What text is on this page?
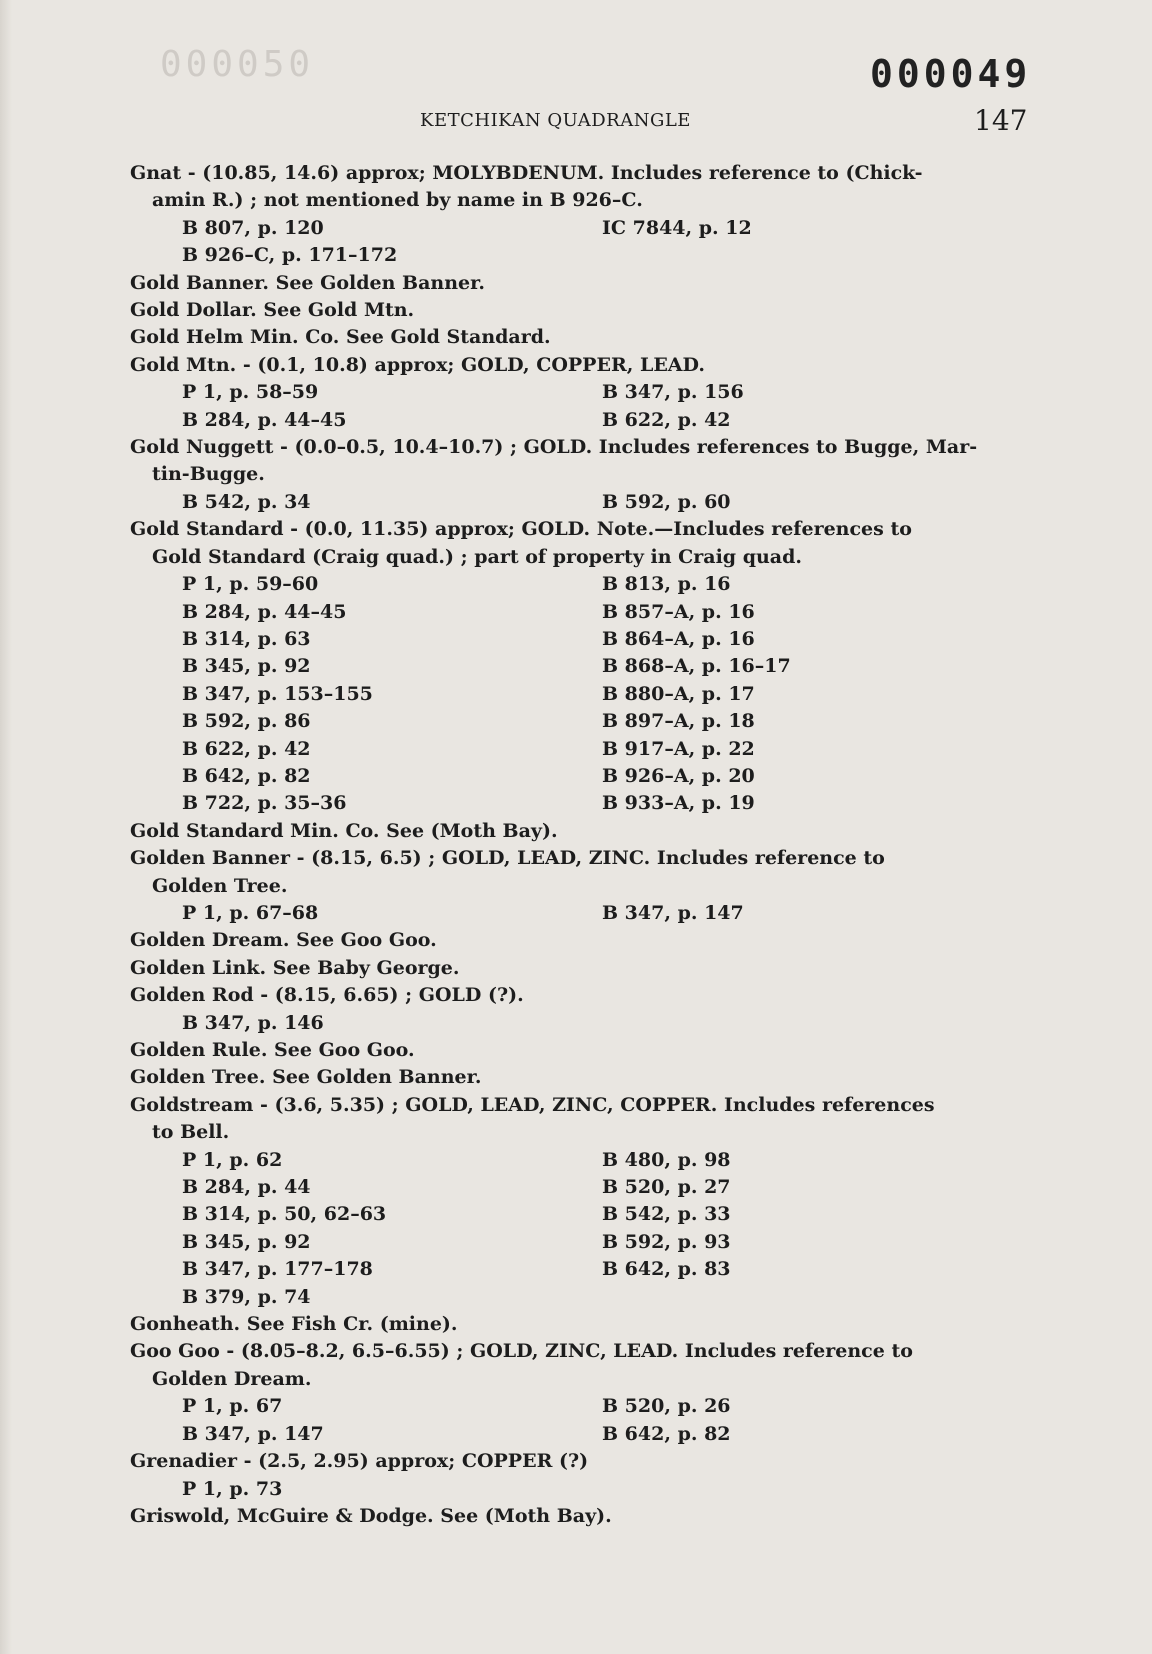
000050	000049
KETCHIKAN QUADRANGLE	147
Gnat - (10.85, 14.6) approx; MOLYBDENUM. Includes reference to (Chick-
amin R.) ; not mentioned by name in B 926–C.
B 807, p. 120	IC 7844, p. 12
B 926–C, p. 171–172
Gold Banner. See Golden Banner.
Gold Dollar. See Gold Mtn.
Gold Helm Min. Co. See Gold Standard.
Gold Mtn. - (0.1, 10.8) approx; GOLD, COPPER, LEAD.
P 1, p. 58–59	B 347, p. 156
B 284, p. 44–45	B 622, p. 42
Gold Nuggett - (0.0–0.5, 10.4–10.7) ; GOLD. Includes references to Bugge, Mar-
tin-Bugge.
B 542, p. 34	B 592, p. 60
Gold Standard - (0.0, 11.35) approx; GOLD. Note.—Includes references to
Gold Standard (Craig quad.) ; part of property in Craig quad.
P 1, p. 59–60	B 813, p. 16
B 284, p. 44–45	B 857–A, p. 16
B 314, p. 63	B 864–A, p. 16
B 345, p. 92	B 868–A, p. 16–17
B 347, p. 153–155	B 880–A, p. 17
B 592, p. 86	B 897–A, p. 18
B 622, p. 42	B 917–A, p. 22
B 642, p. 82	B 926–A, p. 20
B 722, p. 35–36	B 933–A, p. 19
Gold Standard Min. Co. See (Moth Bay).
Golden Banner - (8.15, 6.5) ; GOLD, LEAD, ZINC. Includes reference to
Golden Tree.
P 1, p. 67–68	B 347, p. 147
Golden Dream. See Goo Goo.
Golden Link. See Baby George.
Golden Rod - (8.15, 6.65) ; GOLD (?).
B 347, p. 146
Golden Rule. See Goo Goo.
Golden Tree. See Golden Banner.
Goldstream - (3.6, 5.35) ; GOLD, LEAD, ZINC, COPPER. Includes references
to Bell.
P 1, p. 62	B 480, p. 98
B 284, p. 44	B 520, p. 27
B 314, p. 50, 62–63	B 542, p. 33
B 345, p. 92	B 592, p. 93
B 347, p. 177–178	B 642, p. 83
B 379, p. 74
Gonheath. See Fish Cr. (mine).
Goo Goo - (8.05–8.2, 6.5–6.55) ; GOLD, ZINC, LEAD. Includes reference to
Golden Dream.
P 1, p. 67	B 520, p. 26
B 347, p. 147	B 642, p. 82
Grenadier - (2.5, 2.95) approx; COPPER (?)
P 1, p. 73
Griswold, McGuire & Dodge. See (Moth Bay).
